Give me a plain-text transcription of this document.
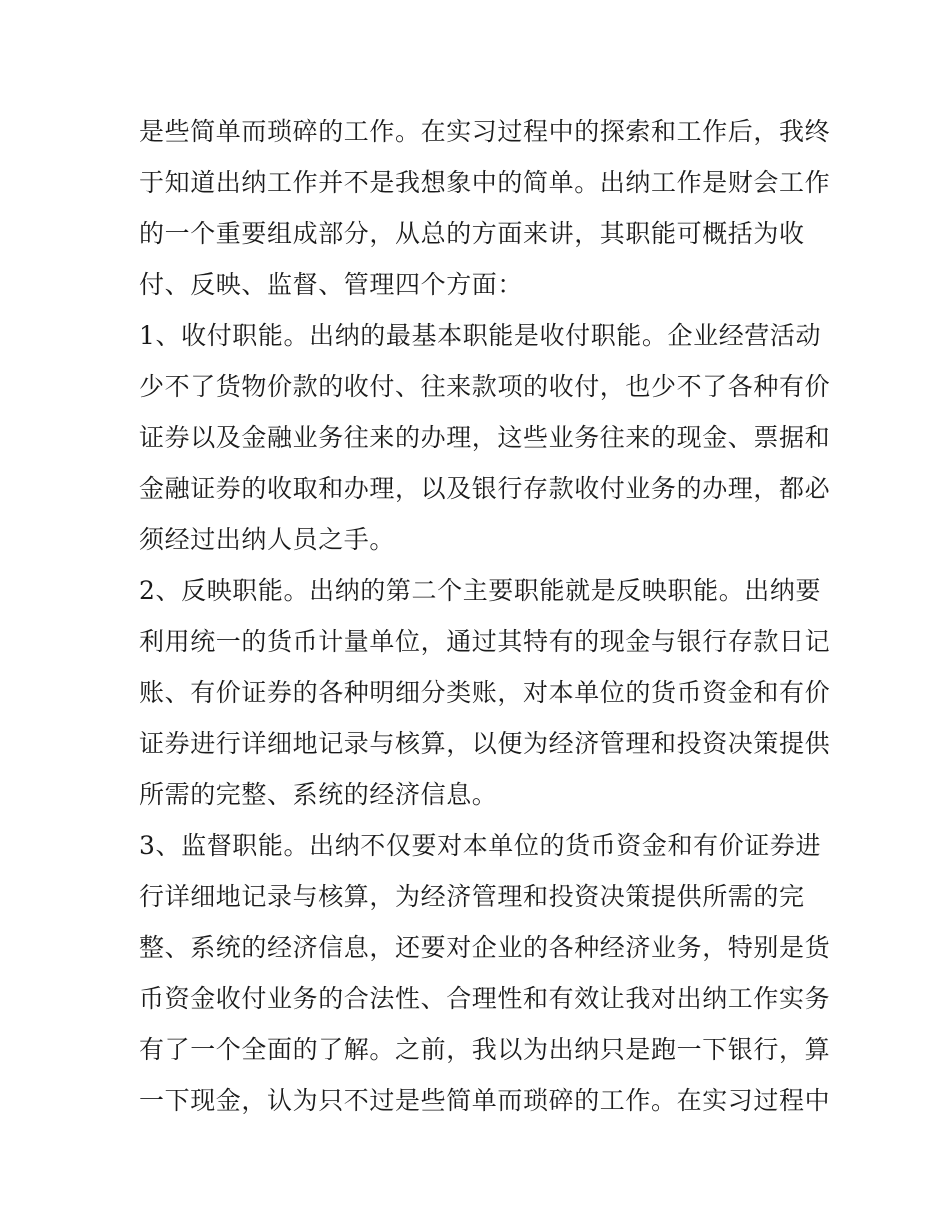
是些简单而琐碎的工作。在实习过程中的探索和工作后，我终
于知道出纳工作并不是我想象中的简单。出纳工作是财会工作
的一个重要组成部分，从总的方面来讲，其职能可概括为收
付、反映、监督、管理四个方面：
1、收付职能。出纳的最基本职能是收付职能。企业经营活动
少不了货物价款的收付、往来款项的收付，也少不了各种有价
证券以及金融业务往来的办理，这些业务往来的现金、票据和
金融证券的收取和办理，以及银行存款收付业务的办理，都必
须经过出纳人员之手。
2、反映职能。出纳的第二个主要职能就是反映职能。出纳要
利用统一的货币计量单位，通过其特有的现金与银行存款日记
账、有价证券的各种明细分类账，对本单位的货币资金和有价
证券进行详细地记录与核算，以便为经济管理和投资决策提供
所需的完整、系统的经济信息。
3、监督职能。出纳不仅要对本单位的货币资金和有价证券进
行详细地记录与核算，为经济管理和投资决策提供所需的完
整、系统的经济信息，还要对企业的各种经济业务，特别是货
币资金收付业务的合法性、合理性和有效让我对出纳工作实务
有了一个全面的了解。之前，我以为出纳只是跑一下银行，算
一下现金，认为只不过是些简单而琐碎的工作。在实习过程中
